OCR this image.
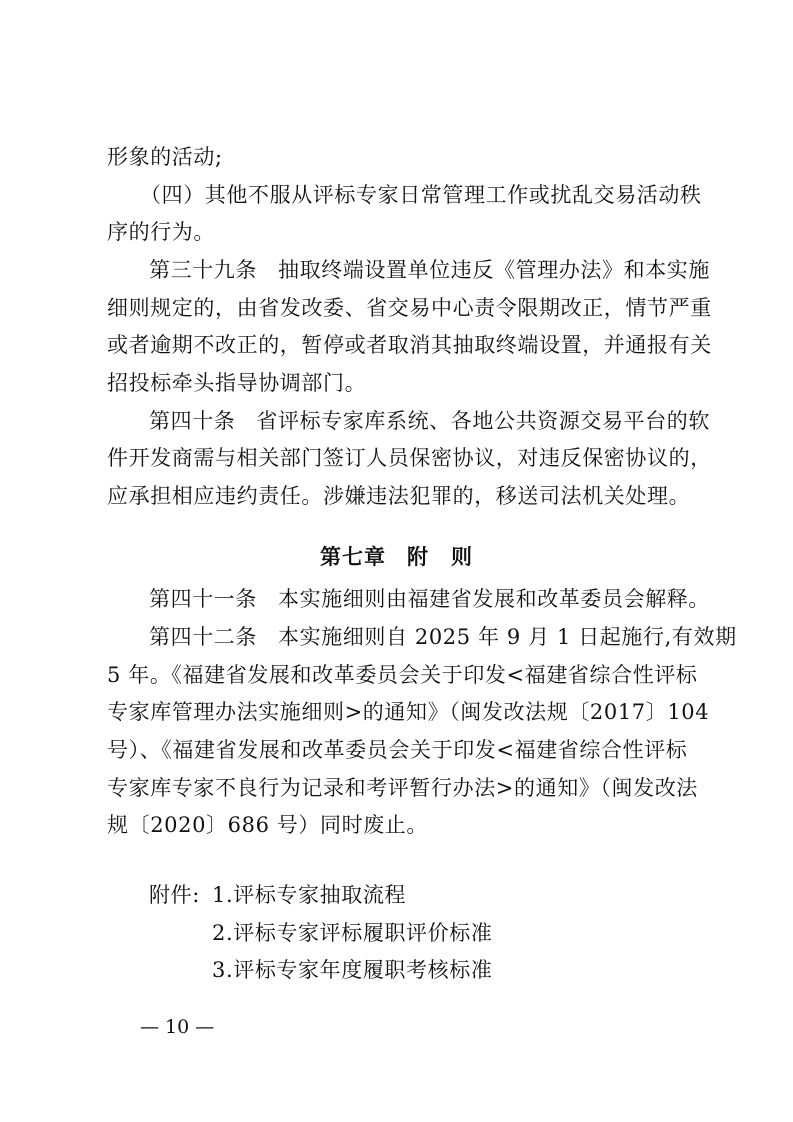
形象的活动;
（四）其他不服从评标专家日常管理工作或扰乱交易活动秩
序的行为。
第三十九条 抽取终端设置单位违反《管理办法》和本实施
细则规定的，由省发改委、省交易中心责令限期改正，情节严重
或者逾期不改正的，暂停或者取消其抽取终端设置，并通报有关
招投标牵头指导协调部门。
第四十条 省评标专家库系统、各地公共资源交易平台的软
件开发商需与相关部门签订人员保密协议，对违反保密协议的，
应承担相应违约责任。涉嫌违法犯罪的，移送司法机关处理。
第七章 附　则
第四十一条 本实施细则由福建省发展和改革委员会解释。
第四十二条 本实施细则自 2025 年 9 月 1 日起施行,有效期
5 年。《福建省发展和改革委员会关于印发<福建省综合性评标
专家库管理办法实施细则>的通知》（闽发改法规〔2017〕104
号）、《福建省发展和改革委员会关于印发<福建省综合性评标
专家库专家不良行为记录和考评暂行办法>的通知》（闽发改法
规〔2020〕686 号）同时废止。
附件: 1.评标专家抽取流程
2.评标专家评标履职评价标准
3.评标专家年度履职考核标准
— 10 —
